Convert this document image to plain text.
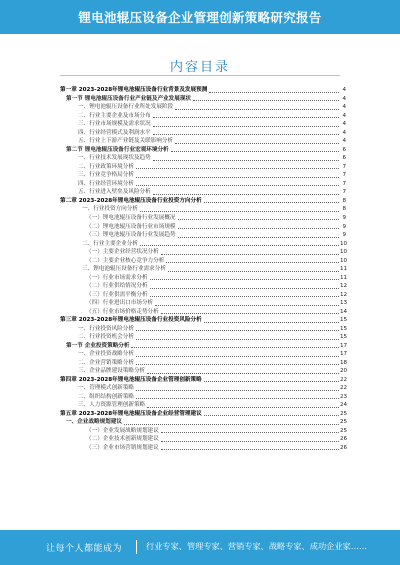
锂电池辊压设备企业管理创新策略研究报告
内容目录
第一章 2023-2028年锂电池辊压设备行业背景及发展预测	4
第一节 锂电池辊压设备行业产业链及产业发展现状	4
一、锂电池辊压设备行业所处发展阶段	4
二、行业主要企业及市场分布	4
三、行业市场规模及需求状况	4
四、行业经营模式及利润水平	4
五、行业上下游产业链及关联影响分析	4
第二节 锂电池辊压设备行业宏观环境分析	6
一、行业技术发展现状及趋势	6
二、行业政策环境分析	7
三、行业竞争格局分析	7
四、行业经营环境分析	7
五、行业进入壁垒及风险分析	7
第二章 2023-2028年锂电池辊压设备行业投资方向分析	8
一、行业投资方向分析	8
（一）锂电池辊压设备行业发展概况	9
（二）锂电池辊压设备行业市场规模	9
（三）锂电池辊压设备行业发展趋势	9
二、行业主要企业分析	10
（一）主要企业经营状况分析	10
（二）主要企业核心竞争力分析	10
三、锂电池辊压设备行业需求分析	11
（一）行业市场需求分析	11
（二）行业供给情况分析	12
（三）行业供需平衡分析	12
（四）行业进出口市场分析	13
（五）行业市场价格走势分析	14
第三章 2023-2028年锂电池辊压设备行业投资风险分析	15
一、行业投资风险分析	15
二、行业投资机会分析	15
第一节 企业投资策略分析	17
一、企业投资战略分析	17
二、企业营销策略分析	18
三、企业品牌建设策略分析	20
第四章 2023-2028年锂电池辊压设备企业管理创新策略	22
一、管理模式创新策略	22
二、组织结构创新策略	23
三、人力资源管理创新策略	24
第五章 2023-2028年锂电池辊压设备企业经营管理建议	25
一、企业战略规划建议	25
（一）企业发展战略规划建议	25
（二）企业技术创新规划建议	26
（三）企业市场营销规划建议	26
让每个人都能成为	行业专家、管理专家、营销专家、战略专家、成功企业家……
